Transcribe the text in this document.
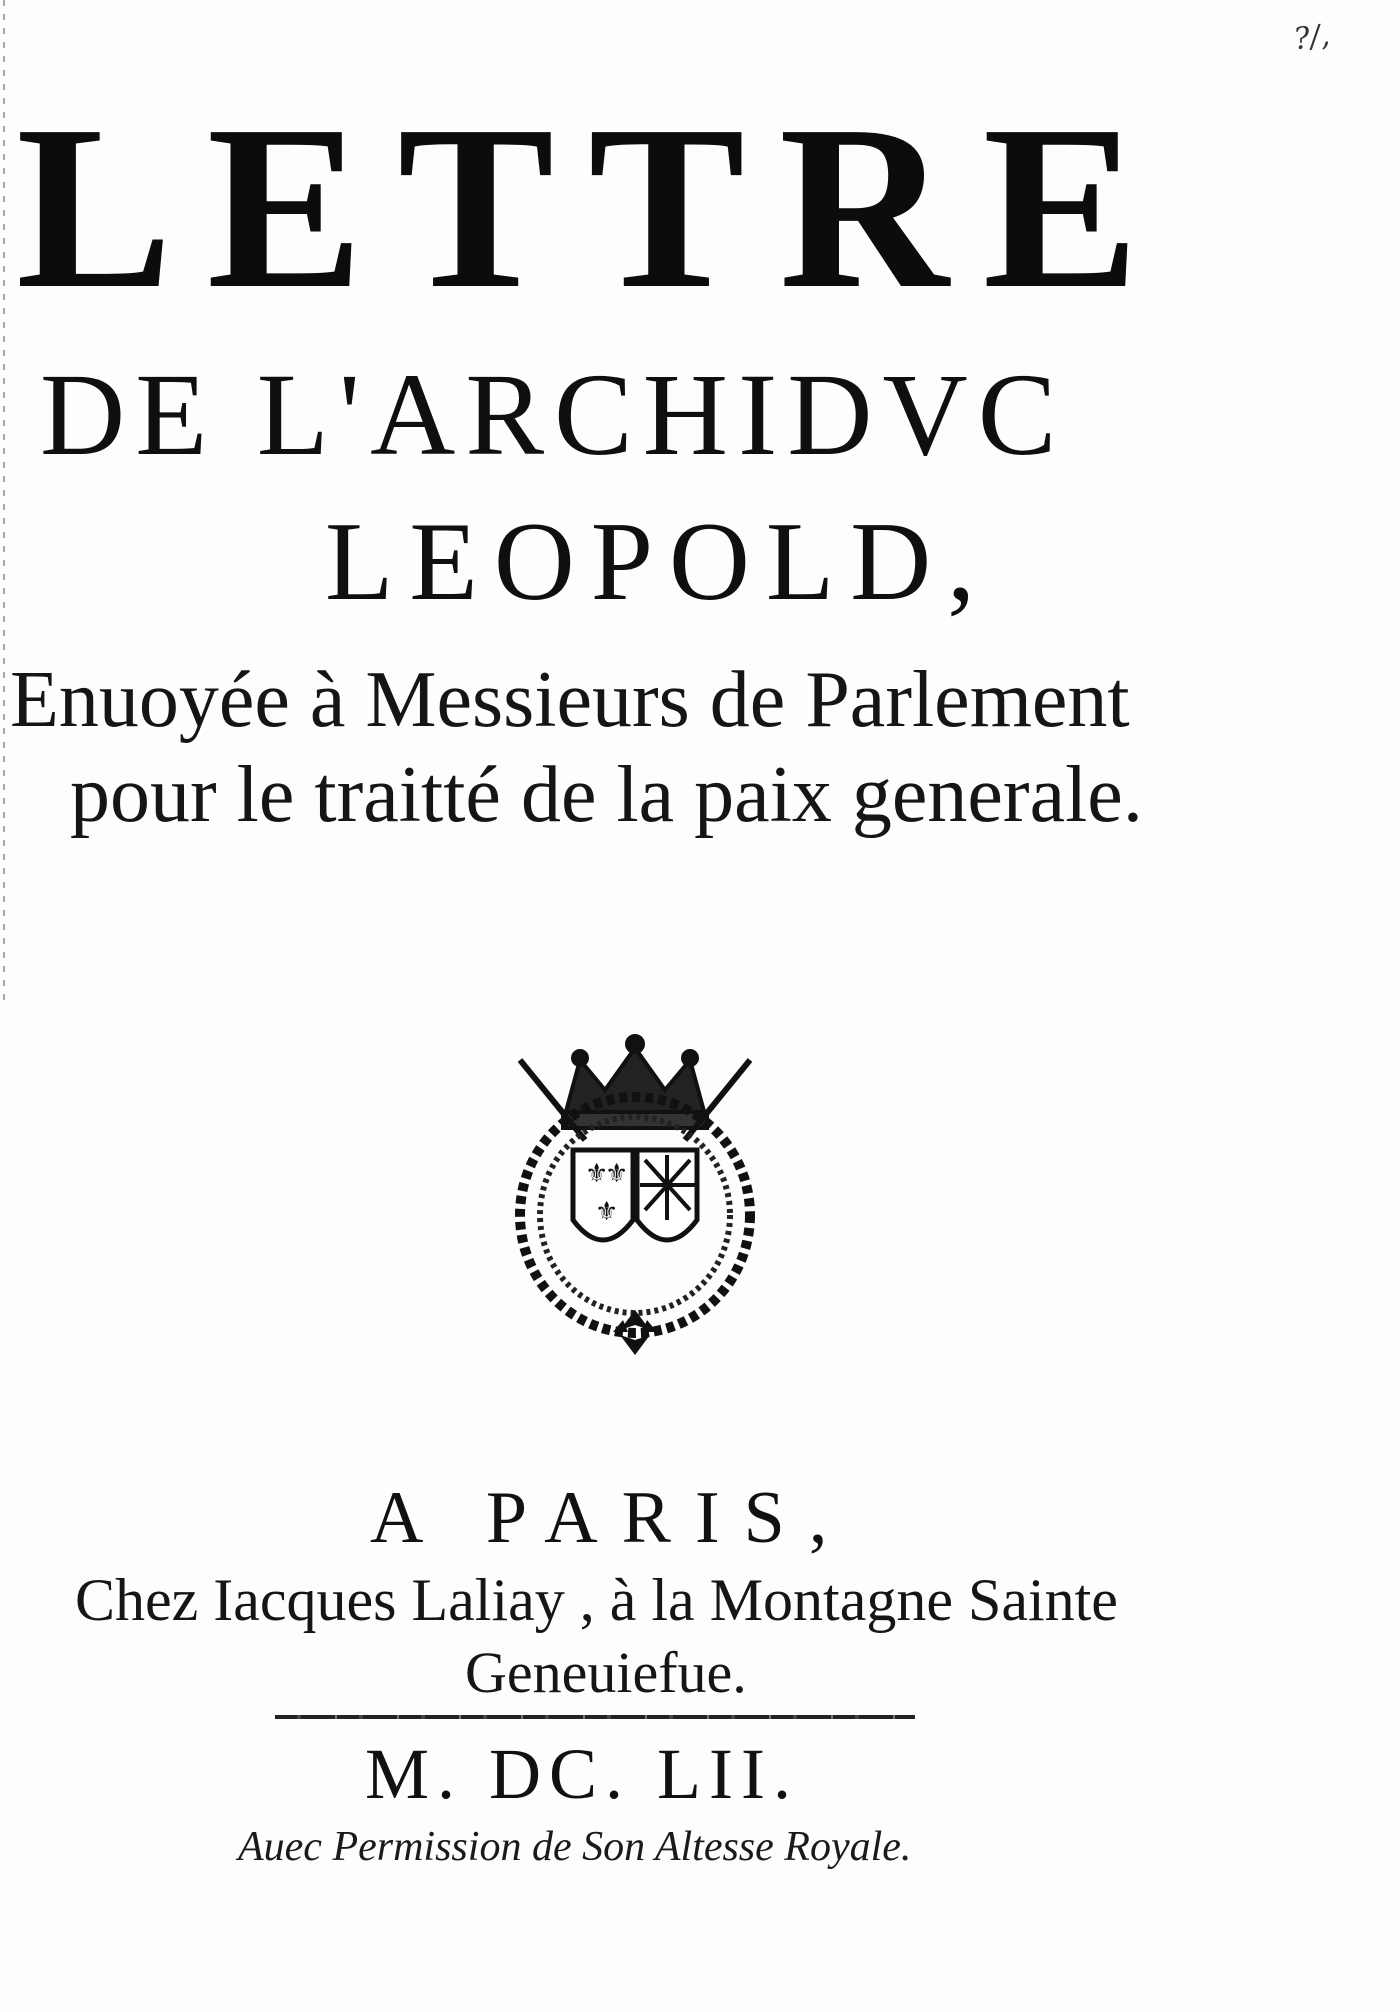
?/,
LETTRE
DE L'ARCHIDVC
LEOPOLD,
Enuoyée à Messieurs de Parlement
pour le traitté de la paix generale.
⚜
⚜
⚜
A PARIS,
Chez Iacques Laliay , à la Montagne Sainte
Geneuiefue.
M. DC. LII.
Auec Permission de Son Altesse Royale.
